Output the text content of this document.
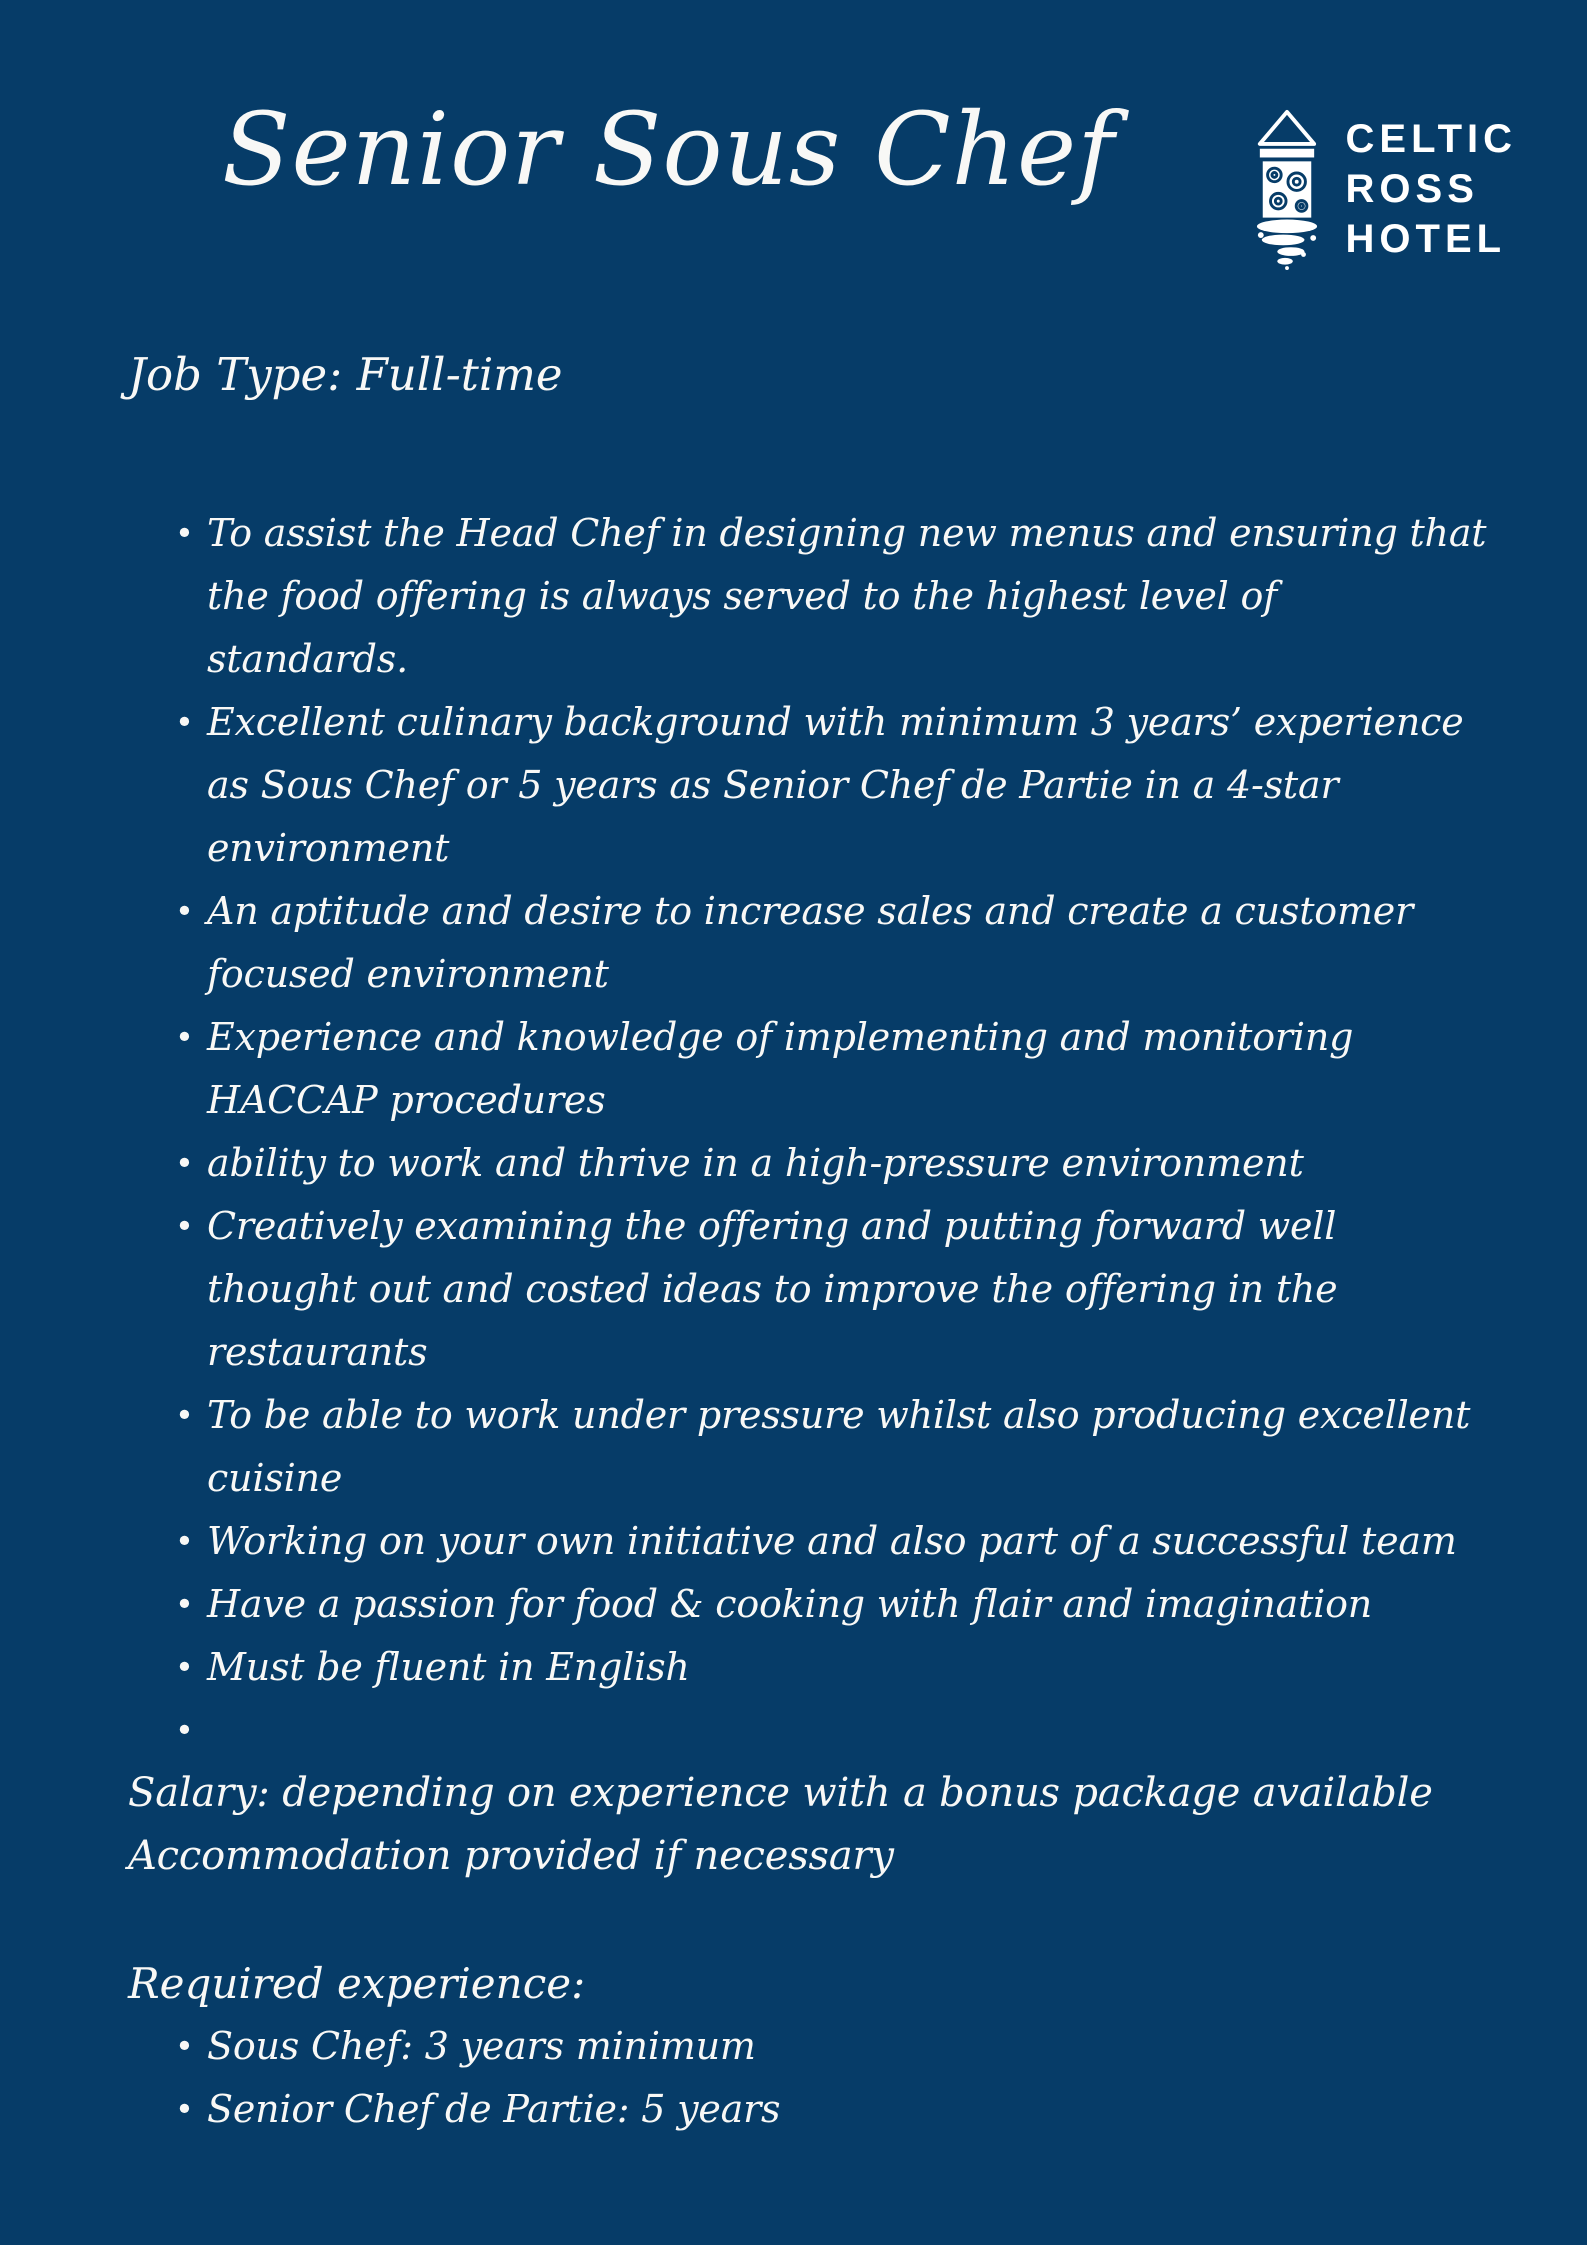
Senior Sous Chef	CELTIC
ROSS
HOTEL
Job Type: Full-time
• To assist the Head Chef in designing new menus and ensuring that the food offering is always served to the highest level of standards.
• Excellent culinary background with minimum 3 years’ experience as Sous Chef or 5 years as Senior Chef de Partie in a 4-star environment
• An aptitude and desire to increase sales and create a customer focused environment
• Experience and knowledge of implementing and monitoring HACCAP procedures
• ability to work and thrive in a high-pressure environment
• Creatively examining the offering and putting forward well thought out and costed ideas to improve the offering in the restaurants
• To be able to work under pressure whilst also producing excellent cuisine
• Working on your own initiative and also part of a successful team
• Have a passion for food & cooking with flair and imagination
• Must be fluent in English
•

Salary: depending on experience with a bonus package available

Accommodation provided if necessary

Required experience:
• Sous Chef: 3 years minimum
• Senior Chef de Partie: 5 years
